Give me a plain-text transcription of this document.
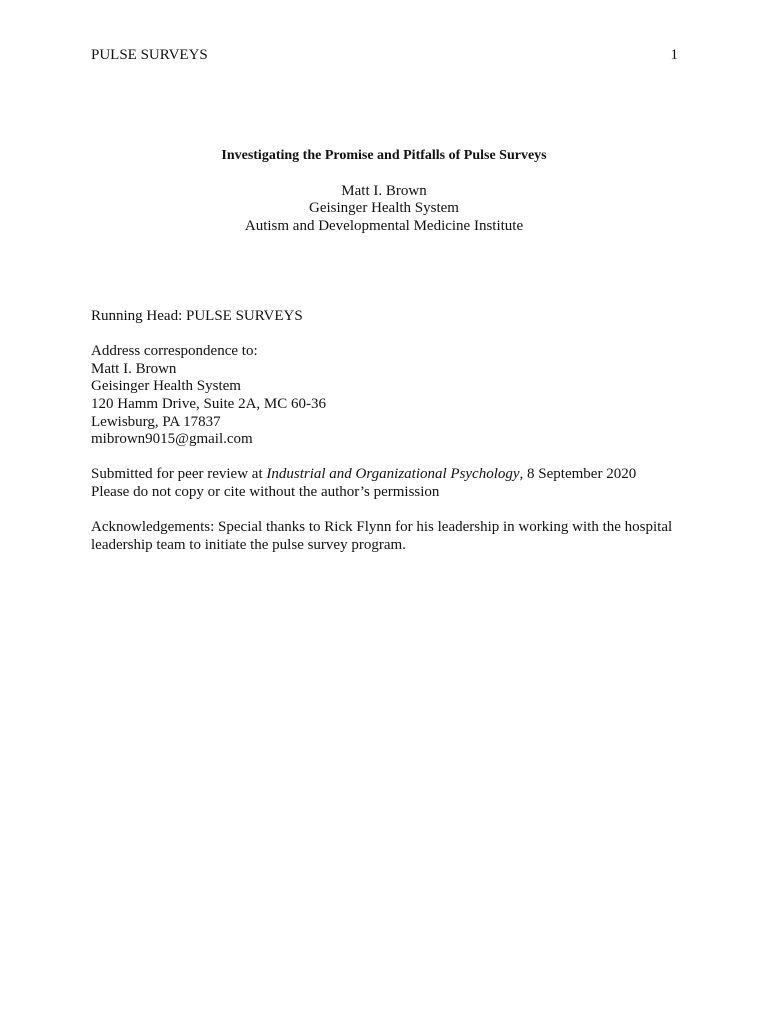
PULSE SURVEYS	1
Investigating the Promise and Pitfalls of Pulse Surveys
Matt I. Brown
Geisinger Health System
Autism and Developmental Medicine Institute
Running Head: PULSE SURVEYS
Address correspondence to:
Matt I. Brown
Geisinger Health System
120 Hamm Drive, Suite 2A, MC 60-36
Lewisburg, PA 17837
mibrown9015@gmail.com
Submitted for peer review at Industrial and Organizational Psychology, 8 September 2020
Please do not copy or cite without the author’s permission
Acknowledgements: Special thanks to Rick Flynn for his leadership in working with the hospital
leadership team to initiate the pulse survey program.
